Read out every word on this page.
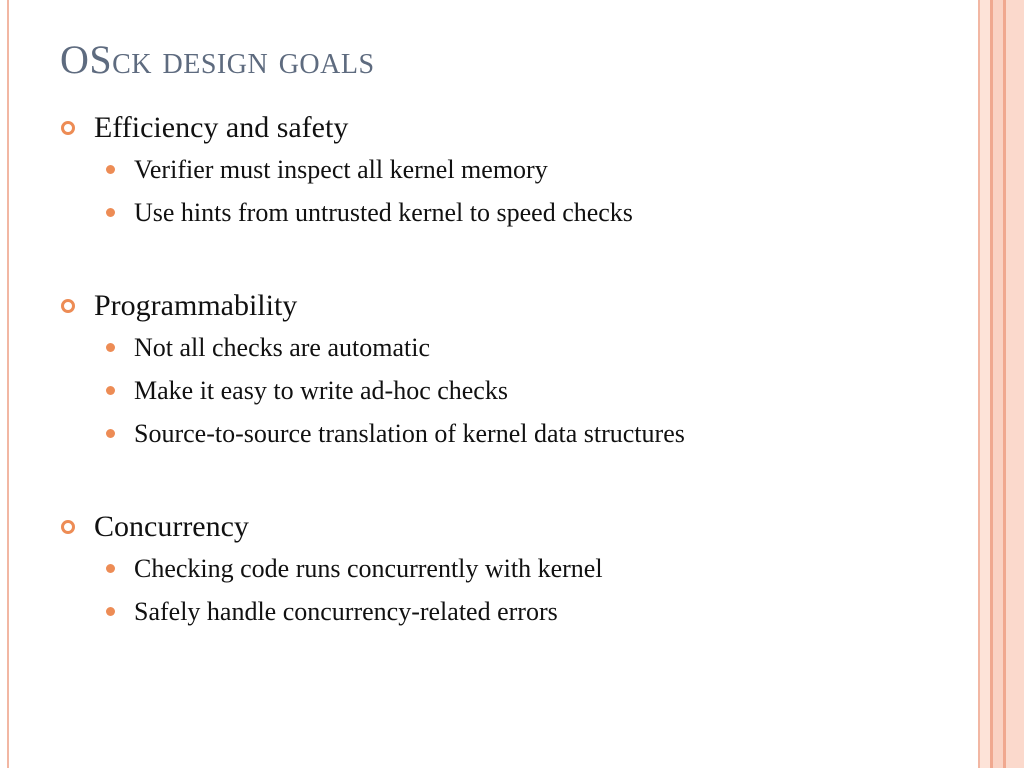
OSck design goals
Efficiency and safety
Verifier must inspect all kernel memory
Use hints from untrusted kernel to speed checks
Programmability
Not all checks are automatic
Make it easy to write ad-hoc checks
Source-to-source translation of kernel data structures
Concurrency
Checking code runs concurrently with kernel
Safely handle concurrency-related errors
